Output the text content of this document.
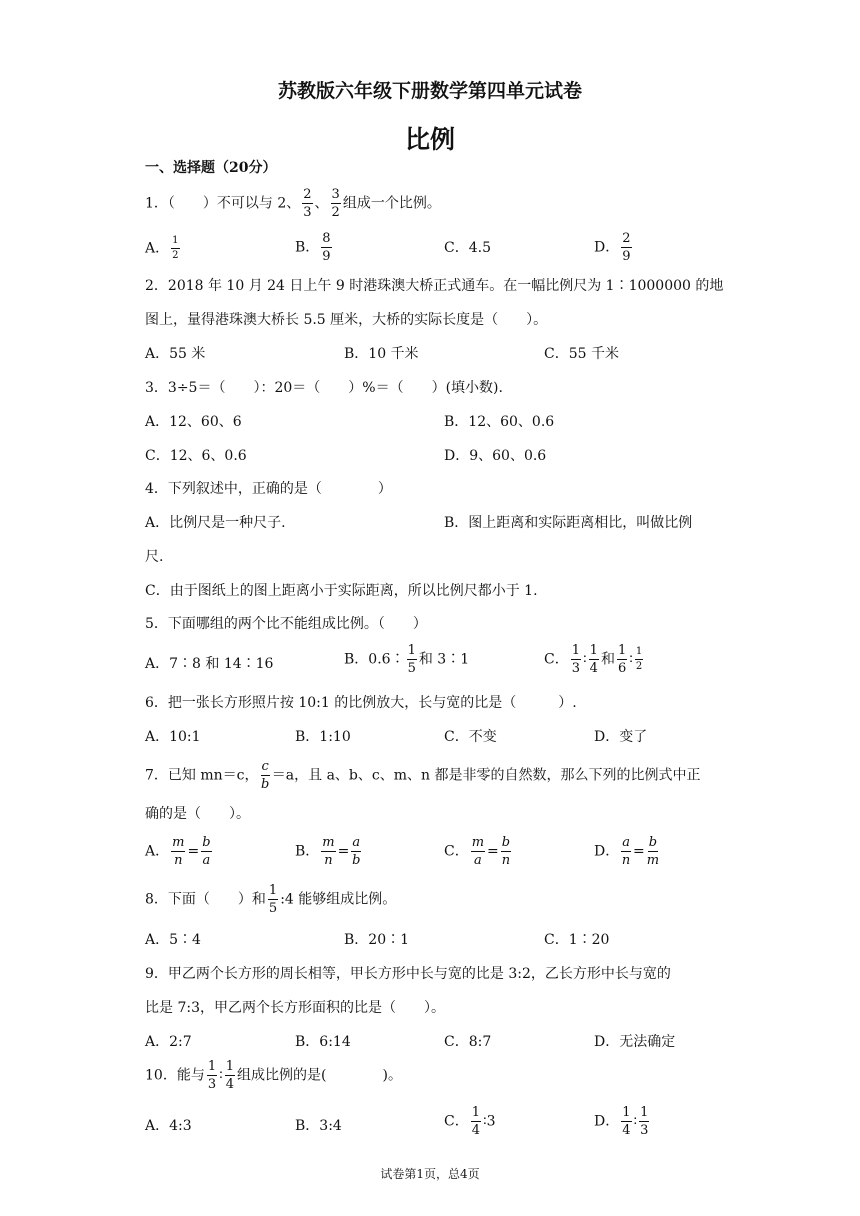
苏教版六年级下册数学第四单元试卷
比例
一、选择题（20分）
1．（　　）不可以与 2、 $\frac{2}{3}$ 、 $\frac{3}{2}$ 组成一个比例。
A． $\frac{1}{2}$	B． $\frac{8}{9}$	C．4.5	D． $\frac{2}{9}$
2．2018 年 10 月 24 日上午 9 时港珠澳大桥正式通车。在一幅比例尺为 1∶1000000 的地
图上，量得港珠澳大桥长 5.5 厘米，大桥的实际长度是（　　）。
A．55 米	B．10 千米	C．55 千米
3．3÷5＝（　　）：20＝（　　）%＝（　　）(填小数).
A．12、60、6	B．12、60、0.6
C．12、6、0.6	D．9、60、0.6
4．下列叙述中，正确的是（　　　　）
A．比例尺是一种尺子.	B．图上距离和实际距离相比，叫做比例
尺.
C．由于图纸上的图上距离小于实际距离，所以比例尺都小于 1.
5．下面哪组的两个比不能组成比例。（　　）
A．7∶8 和 14∶16	B．0.6∶ $\frac{1}{5}$ 和 3∶1	C． $\frac{1}{3}$ ∶ $\frac{1}{4}$ 和 $\frac{1}{6}$ ∶ $\frac{1}{2}$
6．把一张长方形照片按 10:1 的比例放大，长与宽的比是（　　　）.
A．10:1	B．1:10	C．不变	D．变了
7．已知 mn＝c， $\frac{c}{b} =a$，且 a、b、c、m、n 都是非零的自然数，那么下列的比例式中正
确的是（　　）。
A． $\frac{m}{n} = \frac{b}{a}$	B． $\frac{m}{n} = \frac{a}{b}$	C． $\frac{m}{a} = \frac{b}{n}$	D． $\frac{a}{n} = \frac{b}{m}$
8．下面（　　）和 $\frac{1}{5}$ :4 能够组成比例。
A．5∶4	B．20∶1	C．1∶20
9．甲乙两个长方形的周长相等，甲长方形中长与宽的比是 3:2，乙长方形中长与宽的
比是 7:3，甲乙两个长方形面积的比是（　　）。
A．2:7	B．6:14	C．8:7	D．无法确定
10．能与 $\frac{1}{3}$ ∶ $\frac{1}{4}$ 组成比例的是(　　　　)。
A．4:3	B．3:4	C． $\frac{1}{4}$ ∶3	D． $\frac{1}{4}$ ∶ $\frac{1}{3}$
试卷第1页，总4页
